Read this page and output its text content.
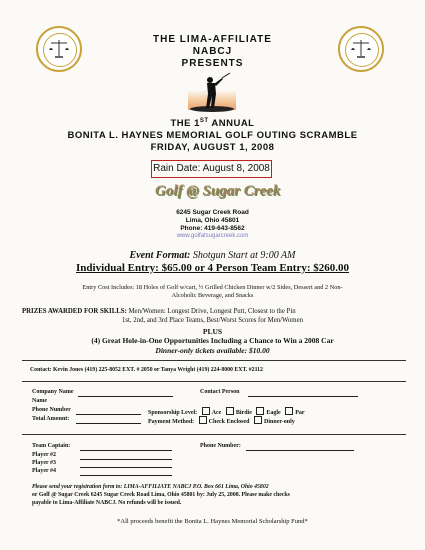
THE LIMA-AFFILIATE
NABCJ
PRESENTS
THE 1ST ANNUAL
BONITA L. HAYNES MEMORIAL GOLF OUTING SCRAMBLE
FRIDAY, AUGUST 1, 2008
Rain Date: August 8, 2008
Golf @ Sugar Creek
6245 Sugar Creek Road
Lima, Ohio 45801
Phone: 419-643-8562
www.golfatsugarcreek.com
Event Format: Shotgun Start at 9:00 AM
Individual Entry: $65.00 or 4 Person Team Entry: $260.00
Entry Cost Includes: 18 Holes of Golf w/cart, ½ Grilled Chicken Dinner w/2 Sides, Dessert and 2 Non-
Alcoholic Beverage, and Snacks
PRIZES AWARDED FOR SKILLS: Men/Women: Longest Drive, Longest Putt, Closest to the Pin
1st, 2nd, and 3rd Place Teams, Best/Worst Scores for Men/Women
PLUS
(4) Great Hole-in-One Opportunities Including a Chance to Win a 2008 Car
Dinner-only tickets available: $10.00
Contact: Kevin Jones (419) 225-8052 EXT. # 2050 or Tanya Wright (419) 224-8000 EXT. #2112
Company Name	Contact Person
Name
Phone Number	Sponsorship Level: Ace Birdie Eagle Par
Total Amount:	Payment Method: Check Enclosed Dinner-only
Team Captain:	Phone Number:
Player #2
Player #3
Player #4
Please send your registration form to: LIMA-AFFILIATE NABCJ P.O. Box 661 Lima, Ohio 45802
or Golf @ Sugar Creek 6245 Sugar Creek Road Lima, Ohio 45801 by: July 25, 2008. Please make checks
payable to Lima-Affiliate NABCJ. No refunds will be issued.
*All proceeds benefit the Bonita L. Haynes Memorial Scholarship Fund*
